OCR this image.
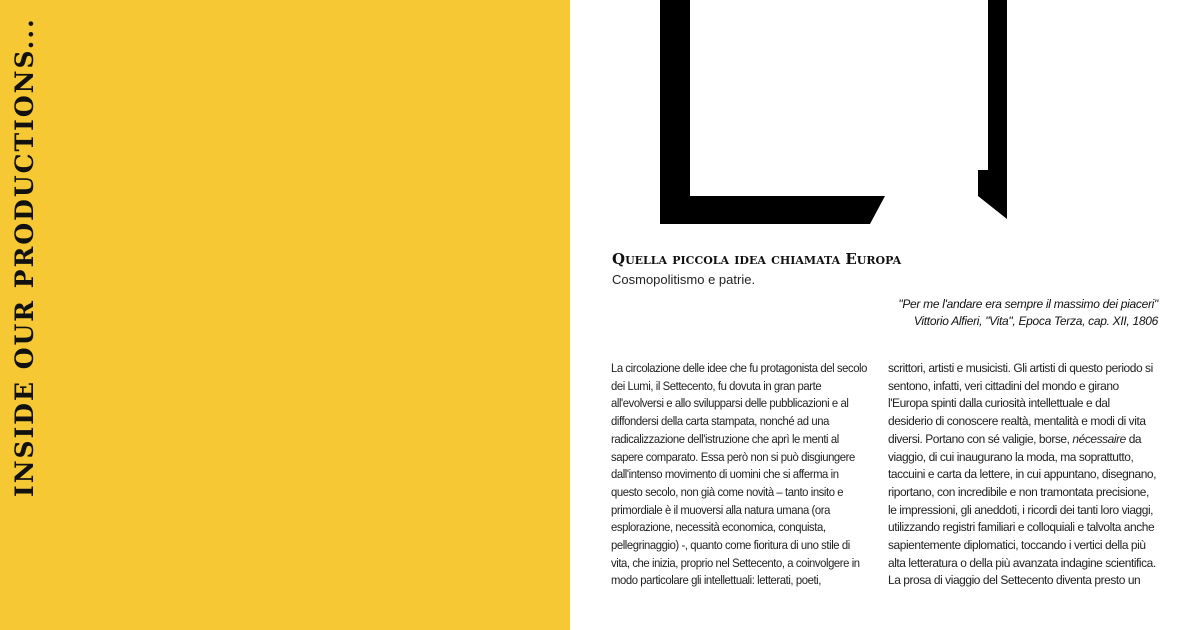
INSIDE OUR PRODUCTIONS...	Quella piccola idea chiamata Europa

Cosmopolitismo e patrie.

"Per me l'andare era sempre il massimo dei piaceri"
Vittorio Alfieri, "Vita", Epoca Terza, cap. XII, 1806
La circolazione delle idee che fu protagonista del secolo
dei Lumi, il Settecento, fu dovuta in gran parte
all'evolversi e allo svilupparsi delle pubblicazioni e al
diffondersi della carta stampata, nonché ad una
radicalizzazione dell'istruzione che aprì le menti al
sapere comparato. Essa però non si può disgiungere
dall'intenso movimento di uomini che si afferma in
questo secolo, non già come novità – tanto insito e
primordiale è il muoversi alla natura umana (ora
esplorazione, necessità economica, conquista,
pellegrinaggio) -, quanto come fioritura di uno stile di
vita, che inizia, proprio nel Settecento, a coinvolgere in
modo particolare gli intellettuali: letterati, poeti,
scrittori, artisti e musicisti. Gli artisti di questo periodo si
sentono, infatti, veri cittadini del mondo e girano
l'Europa spinti dalla curiosità intellettuale e dal
desiderio di conoscere realtà, mentalità e modi di vita
diversi. Portano con sé valigie, borse, nécessaire da
viaggio, di cui inaugurano la moda, ma soprattutto,
taccuini e carta da lettere, in cui appuntano, disegnano,
riportano, con incredibile e non tramontata precisione,
le impressioni, gli aneddoti, i ricordi dei tanti loro viaggi,
utilizzando registri familiari e colloquiali e talvolta anche
sapientemente diplomatici, toccando i vertici della più
alta letteratura o della più avanzata indagine scientifica.
La prosa di viaggio del Settecento diventa presto un
